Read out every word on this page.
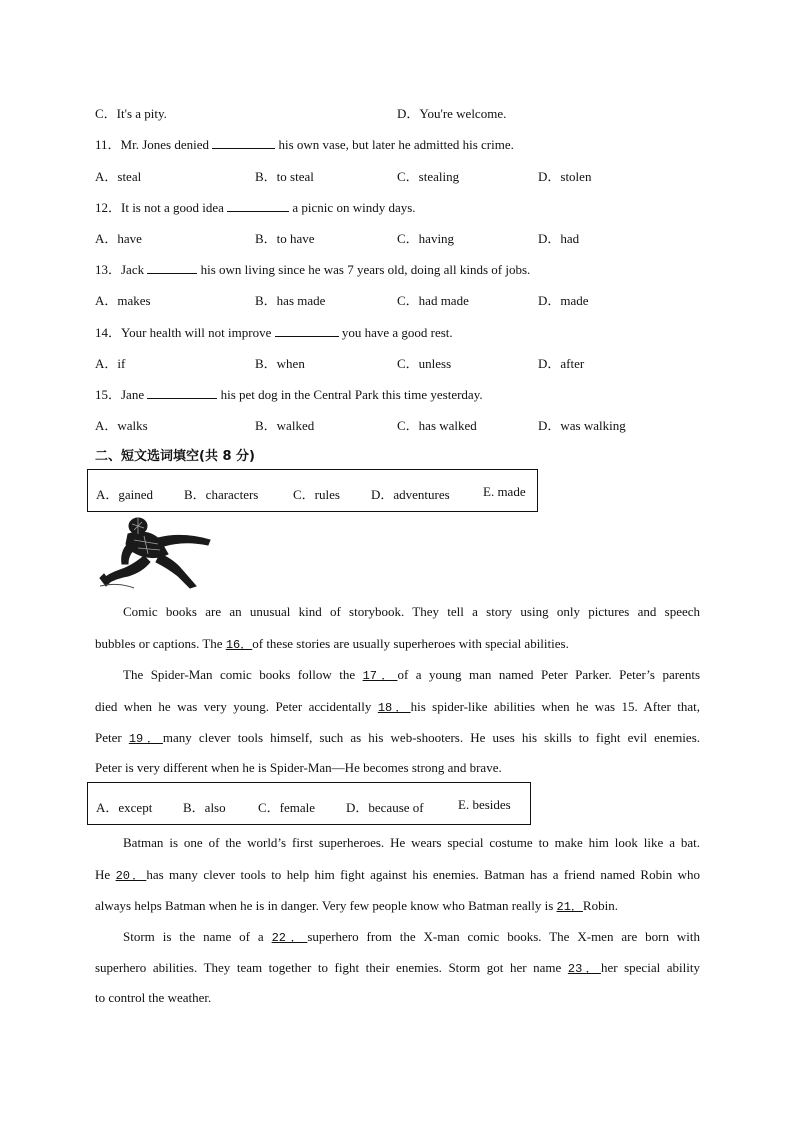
C．It's a pity.	D．You're welcome.
11．Mr. Jones denied	his own vase, but later he admitted his crime.
A．steal	B．to steal	C．stealing	D．stolen
12．It is not a good idea	a picnic on windy days.
A．have	B．to have	C．having	D．had
13．Jack	his own living since he was 7 years old, doing all kinds of jobs.
A．makes	B．has made	C．had made	D．made
14．Your health will not improve	you have a good rest.
A．if	B．when	C．unless	D．after
15．Jane	his pet dog in the Central Park this time yesterday.
A．walks	B．walked	C．has walked	D．was walking
二、短文选词填空(共 8 分)
A．gained B．characters	C．rules D．adventures	E. made
Comic books are an unusual kind of storybook. They tell a story using only pictures and speech
bubbles or captions. The 16．of these stories are usually superheroes with special abilities.
The Spider-Man comic books follow the 17．of a young man named Peter Parker. Peter’s parents
died when he was very young. Peter accidentally 18．his spider-like abilities when he was 15. After that,
Peter 19．many clever tools himself, such as his web-shooters. He uses his skills to fight evil enemies.
Peter is very different when he is Spider-Man—He becomes strong and brave.
A．except B．also C．female D．because of	E. besides
Batman is one of the world’s first superheroes. He wears special costume to make him look like a bat.
He 20．has many clever tools to help him fight against his enemies. Batman has a friend named Robin who
always helps Batman when he is in danger. Very few people know who Batman really is 21．Robin.
Storm is the name of a 22．superhero from the X-man comic books. The X-men are born with
superhero abilities. They team together to fight their enemies. Storm got her name 23．her special ability
to control the weather.
